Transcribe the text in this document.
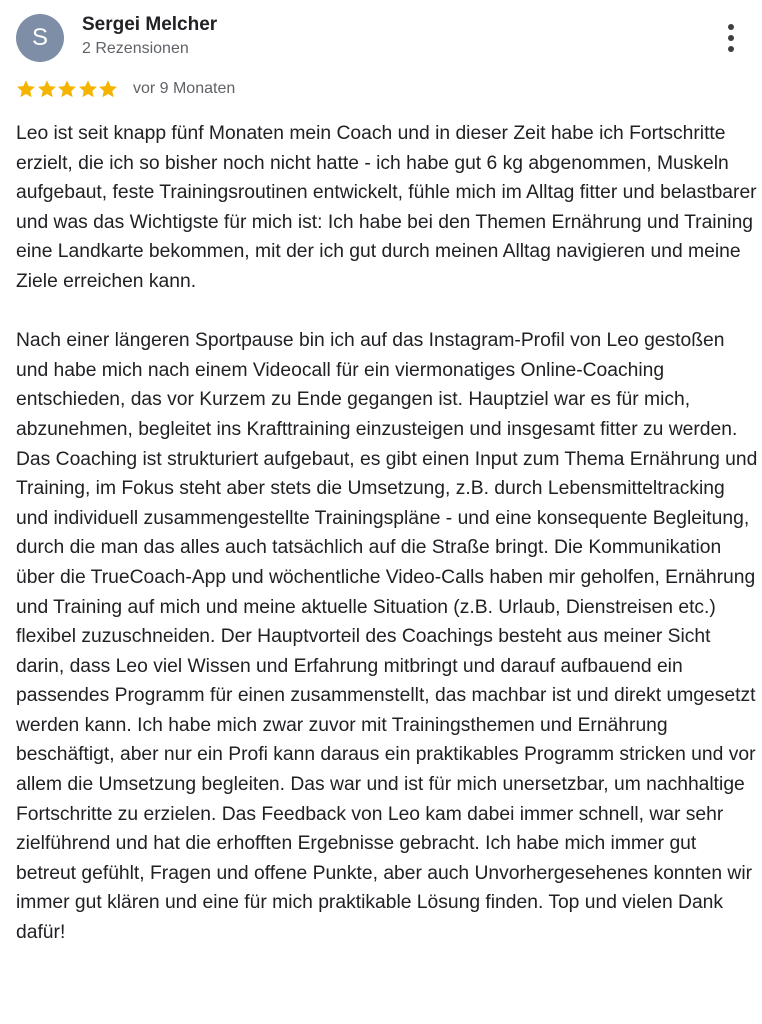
S	Sergei Melcher
2 Rezensionen
vor 9 Monaten

Leo ist seit knapp fünf Monaten mein Coach und in dieser Zeit habe ich Fortschritte erzielt, die ich so bisher noch nicht hatte - ich habe gut 6 kg abgenommen, Muskeln aufgebaut, feste Trainingsroutinen entwickelt, fühle mich im Alltag fitter und belastbarer und was das Wichtigste für mich ist: Ich habe bei den Themen Ernährung und Training eine Landkarte bekommen, mit der ich gut durch meinen Alltag navigieren und meine Ziele erreichen kann.

Nach einer längeren Sportpause bin ich auf das Instagram-Profil von Leo gestoßen und habe mich nach einem Videocall für ein viermonatiges Online-Coaching entschieden, das vor Kurzem zu Ende gegangen ist. Hauptziel war es für mich, abzunehmen, begleitet ins Krafttraining einzusteigen und insgesamt fitter zu werden. Das Coaching ist strukturiert aufgebaut, es gibt einen Input zum Thema Ernährung und Training, im Fokus steht aber stets die Umsetzung, z.B. durch Lebensmitteltracking und individuell zusammengestellte Trainingspläne - und eine konsequente Begleitung, durch die man das alles auch tatsächlich auf die Straße bringt. Die Kommunikation über die TrueCoach-App und wöchentliche Video-Calls haben mir geholfen, Ernährung und Training auf mich und meine aktuelle Situation (z.B. Urlaub, Dienstreisen etc.) flexibel zuzuschneiden. Der Hauptvorteil des Coachings besteht aus meiner Sicht darin, dass Leo viel Wissen und Erfahrung mitbringt und darauf aufbauend ein passendes Programm für einen zusammenstellt, das machbar ist und direkt umgesetzt werden kann. Ich habe mich zwar zuvor mit Trainingsthemen und Ernährung beschäftigt, aber nur ein Profi kann daraus ein praktikables Programm stricken und vor allem die Umsetzung begleiten. Das war und ist für mich unersetzbar, um nachhaltige Fortschritte zu erzielen. Das Feedback von Leo kam dabei immer schnell, war sehr zielführend und hat die erhofften Ergebnisse gebracht. Ich habe mich immer gut betreut gefühlt, Fragen und offene Punkte, aber auch Unvorhergesehenes konnten wir immer gut klären und eine für mich praktikable Lösung finden. Top und vielen Dank dafür!
